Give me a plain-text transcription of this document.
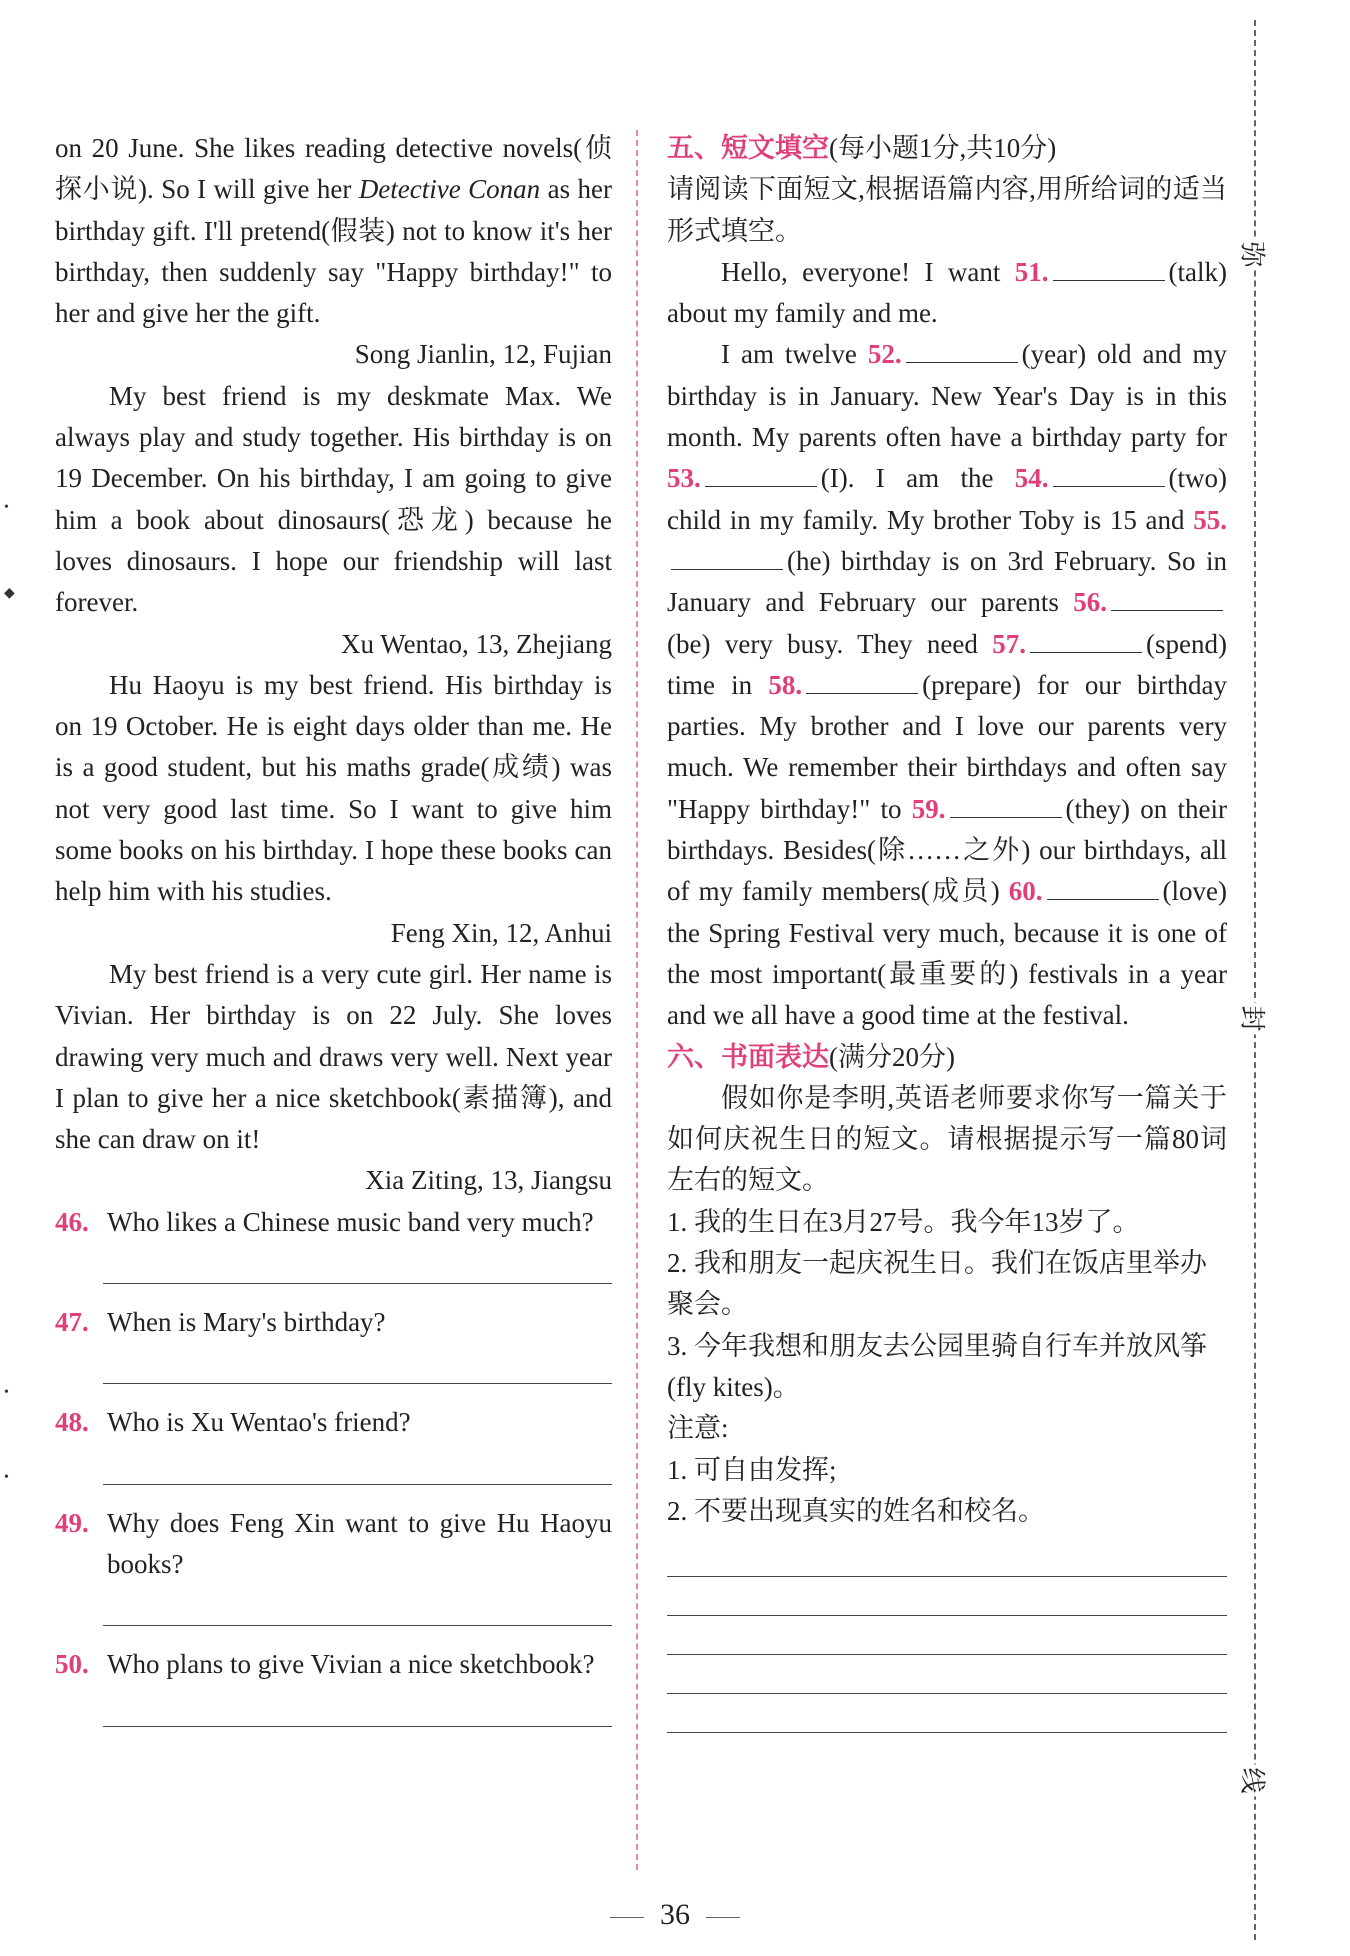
on 20 June. She likes reading detective novels(侦探小说). So I will give her Detective Conan as her birthday gift. I'll pretend(假装) not to know it's her birthday, then suddenly say "Happy birthday!" to her and give her the gift.
Song Jianlin, 12, Fujian
My best friend is my deskmate Max. We always play and study together. His birthday is on 19 December. On his birthday, I am going to give him a book about dinosaurs(恐龙) because he loves dinosaurs. I hope our friendship will last forever.
Xu Wentao, 13, Zhejiang
Hu Haoyu is my best friend. His birthday is on 19 October. He is eight days older than me. He is a good student, but his maths grade(成绩) was not very good last time. So I want to give him some books on his birthday. I hope these books can help him with his studies.
Feng Xin, 12, Anhui
My best friend is a very cute girl. Her name is Vivian. Her birthday is on 22 July. She loves drawing very much and draws very well. Next year I plan to give her a nice sketchbook(素描簿), and she can draw on it!
Xia Ziting, 13, Jiangsu
46. Who likes a Chinese music band very much?
47. When is Mary's birthday?
48. Who is Xu Wentao's friend?
49. Why does Feng Xin want to give Hu Haoyu books?
50. Who plans to give Vivian a nice sketchbook?
五、短文填空(每小题1分,共10分)
请阅读下面短文,根据语篇内容,用所给词的适当形式填空。
Hello, everyone! I want 51.	(talk) about my family and me.
I am twelve 52.	(year) old and my birthday is in January. New Year's Day is in this month. My parents often have a birthday party for 53.	(I). I am the 54.	(two) child in my family. My brother Toby is 15 and 55.(he) birthday is on 3rd February. So in January and February our parents 56.(be) very busy. They need 57.	(spend) time in 58.	(prepare) for our birthday parties. My brother and I love our parents very much. We remember their birthdays and often say "Happy birthday!" to 59.	(they) on their birthdays. Besides(除……之外) our birthdays, all of my family members(成员) 60.	(love) the Spring Festival very much, because it is one of the most important(最重要的) festivals in a year and we all have a good time at the festival.
六、书面表达(满分20分)
假如你是李明,英语老师要求你写一篇关于如何庆祝生日的短文。请根据提示写一篇80词左右的短文。
1. 我的生日在3月27号。我今年13岁了。
2. 我和朋友一起庆祝生日。我们在饭店里举办聚会。
3. 今年我想和朋友去公园里骑自行车并放风筝(fly kites)。
注意:
1. 可自由发挥;
2. 不要出现真实的姓名和校名。
弥
封
线
•
◆
•
•
36
